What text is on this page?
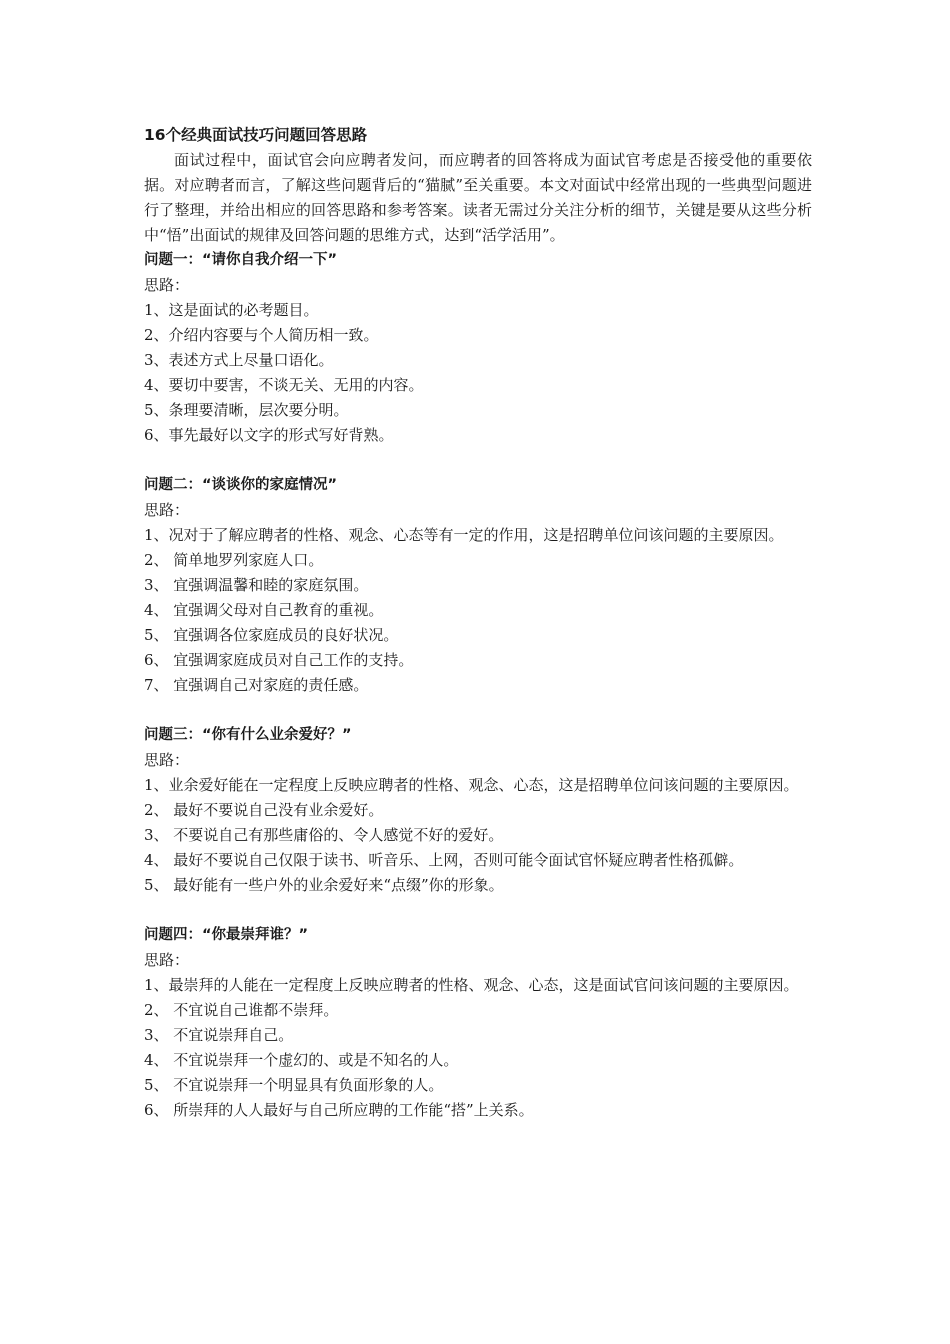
16个经典面试技巧问题回答思路
面试过程中，面试官会向应聘者发问，而应聘者的回答将成为面试官考虑是否接受他的重要依据。对应聘者而言，了解这些问题背后的“猫腻”至关重要。本文对面试中经常出现的一些典型问题进行了整理，并给出相应的回答思路和参考答案。读者无需过分关注分析的细节，关键是要从这些分析中“悟”出面试的规律及回答问题的思维方式，达到“活学活用”。
问题一：“请你自我介绍一下”
思路：
1、这是面试的必考题目。
2、介绍内容要与个人简历相一致。
3、表述方式上尽量口语化。
4、要切中要害，不谈无关、无用的内容。
5、条理要清晰，层次要分明。
6、事先最好以文字的形式写好背熟。
问题二：“谈谈你的家庭情况”
思路：
1、况对于了解应聘者的性格、观念、心态等有一定的作用，这是招聘单位问该问题的主要原因。
2、 简单地罗列家庭人口。
3、 宜强调温馨和睦的家庭氛围。
4、 宜强调父母对自己教育的重视。
5、 宜强调各位家庭成员的良好状况。
6、 宜强调家庭成员对自己工作的支持。
7、 宜强调自己对家庭的责任感。
问题三：“你有什么业余爱好？”
思路：
1、业余爱好能在一定程度上反映应聘者的性格、观念、心态，这是招聘单位问该问题的主要原因。
2、 最好不要说自己没有业余爱好。
3、 不要说自己有那些庸俗的、令人感觉不好的爱好。
4、 最好不要说自己仅限于读书、听音乐、上网，否则可能令面试官怀疑应聘者性格孤僻。
5、 最好能有一些户外的业余爱好来“点缀”你的形象。
问题四：“你最崇拜谁？”
思路：
1、最崇拜的人能在一定程度上反映应聘者的性格、观念、心态，这是面试官问该问题的主要原因。
2、 不宜说自己谁都不崇拜。
3、 不宜说崇拜自己。
4、 不宜说崇拜一个虚幻的、或是不知名的人。
5、 不宜说崇拜一个明显具有负面形象的人。
6、 所崇拜的人人最好与自己所应聘的工作能“搭”上关系。
